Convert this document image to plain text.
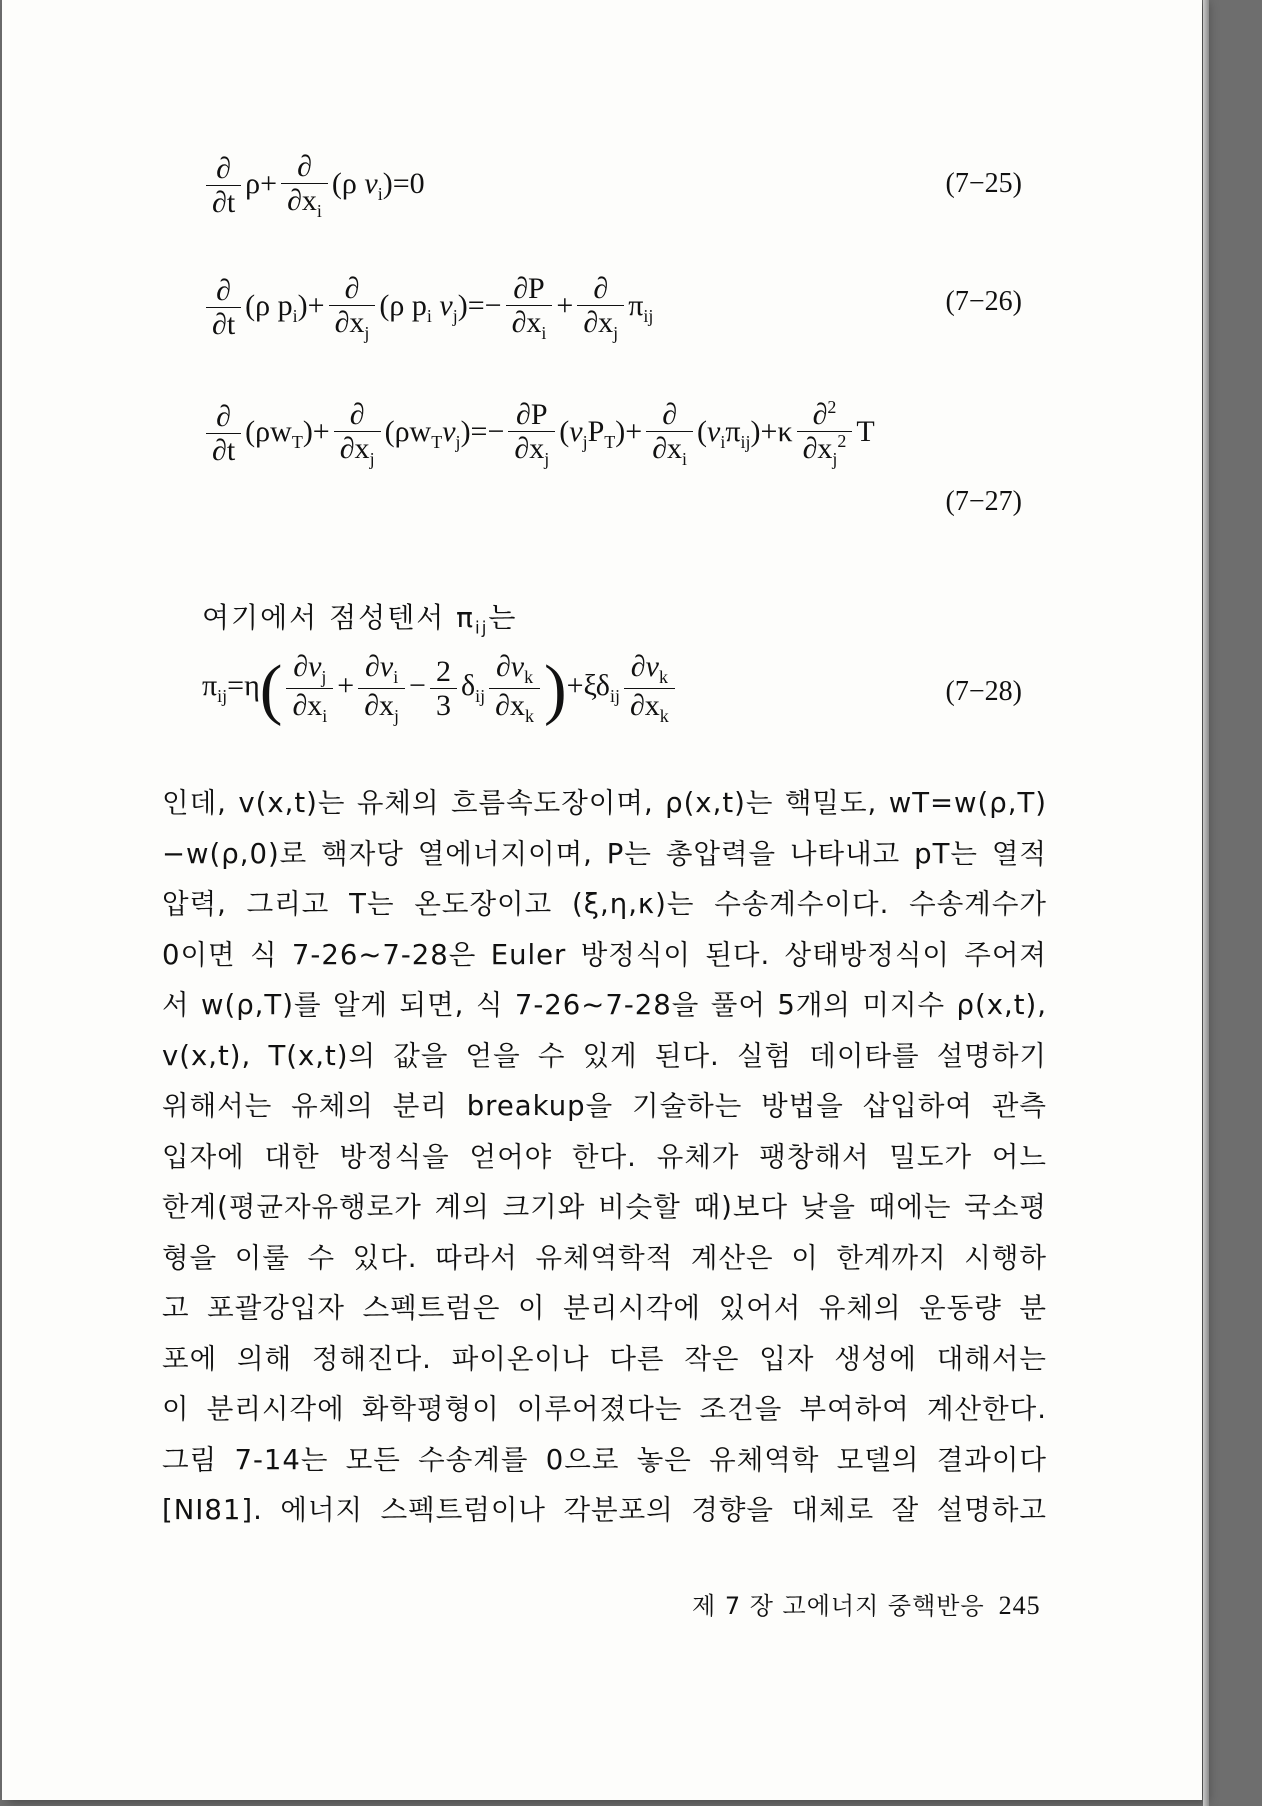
$\frac{\partial}{\partial t} \rho+ \frac{\partial}{\partial x_i} (\rho$ $v_i)=0$	(7−25)
$\frac{\partial}{\partial t} (\rho$ $p_i)+ \frac{\partial}{\partial x_j} (\rho$ $p_i$ $v_j)=- \frac{\partial P}{\partial x_i} + \frac{\partial}{\partial x_j} \pi_{ij}$	(7−26)
$\frac{\partial}{\partial t} (\rho w_T)+ \frac{\partial}{\partial x_j} (\rho w_Tv_j)=- \frac{\partial P}{\partial x_j} (v_jP_T)+ \frac{\partial}{\partial x_i} (v_i\pi_{ij})+\kappa \frac{\partial^2}{\partial x_j^2}$ T
(7−27)
여기에서 점성텐서 $\pi_{ij}$는
$\pi_{ij}=\eta( \frac{\partial v_j}{\partial x_i} + \frac{\partial v_i}{\partial x_j} - \frac{2}{3} \delta_{ij} \frac{\partial v_k}{\partial x_k} )+\xi\delta_{ij} \frac{\partial v_k}{\partial x_k}$	(7−28)
인데, v(x,t)는 유체의 흐름속도장이며, ρ(x,t)는 핵밀도, wT=w(ρ,T)
−w(ρ,0)로 핵자당 열에너지이며, P는 총압력을 나타내고 pT는 열적
압력, 그리고 T는 온도장이고 (ξ,η,κ)는 수송계수이다. 수송계수가
0이면 식 7-26∼7-28은 Euler 방정식이 된다. 상태방정식이 주어져
서 w(ρ,T)를 알게 되면, 식 7-26∼7-28을 풀어 5개의 미지수 ρ(x,t),
v(x,t), T(x,t)의 값을 얻을 수 있게 된다. 실험 데이타를 설명하기
위해서는 유체의 분리 breakup을 기술하는 방법을 삽입하여 관측
입자에 대한 방정식을 얻어야 한다. 유체가 팽창해서 밀도가 어느
한계(평균자유행로가 계의 크기와 비슷할 때)보다 낮을 때에는 국소평
형을 이룰 수 있다. 따라서 유체역학적 계산은 이 한계까지 시행하
고 포괄강입자 스펙트럼은 이 분리시각에 있어서 유체의 운동량 분
포에 의해 정해진다. 파이온이나 다른 작은 입자 생성에 대해서는
이 분리시각에 화학평형이 이루어졌다는 조건을 부여하여 계산한다.
그림 7-14는 모든 수송계를 0으로 놓은 유체역학 모델의 결과이다
[NI81]. 에너지 스펙트럼이나 각분포의 경향을 대체로 잘 설명하고
제 7 장 고에너지 중핵반응 245
